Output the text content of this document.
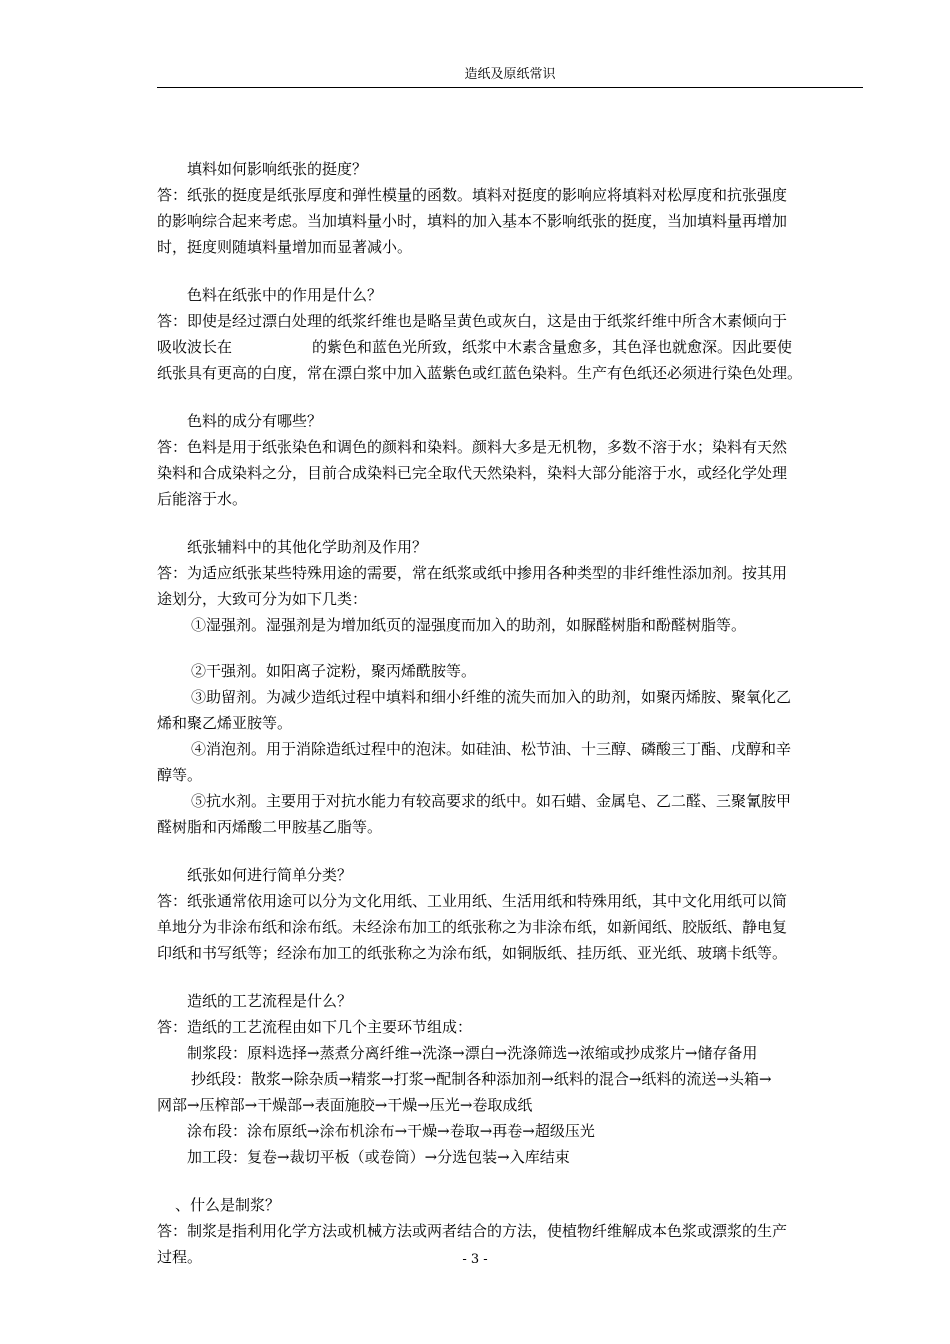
造纸及原纸常识
填料如何影响纸张的挺度？
答：纸张的挺度是纸张厚度和弹性模量的函数。填料对挺度的影响应将填料对松厚度和抗张强度
的影响综合起来考虑。当加填料量小时，填料的加入基本不影响纸张的挺度，当加填料量再增加
时，挺度则随填料量增加而显著减小。
色料在纸张中的作用是什么？
答：即使是经过漂白处理的纸浆纤维也是略呈黄色或灰白，这是由于纸浆纤维中所含木素倾向于
吸收波长在	的紫色和蓝色光所致，纸浆中木素含量愈多，其色泽也就愈深。因此要使
纸张具有更高的白度，常在漂白浆中加入蓝紫色或红蓝色染料。生产有色纸还必须进行染色处理。
色料的成分有哪些？
答：色料是用于纸张染色和调色的颜料和染料。颜料大多是无机物，多数不溶于水；染料有天然
染料和合成染料之分，目前合成染料已完全取代天然染料，染料大部分能溶于水，或经化学处理
后能溶于水。
纸张辅料中的其他化学助剂及作用？
答：为适应纸张某些特殊用途的需要，常在纸浆或纸中掺用各种类型的非纤维性添加剂。按其用
途划分，大致可分为如下几类：
①湿强剂。湿强剂是为增加纸页的湿强度而加入的助剂，如脲醛树脂和酚醛树脂等。
②干强剂。如阳离子淀粉，聚丙烯酰胺等。
③助留剂。为减少造纸过程中填料和细小纤维的流失而加入的助剂，如聚丙烯胺、聚氧化乙
烯和聚乙烯亚胺等。
④消泡剂。用于消除造纸过程中的泡沫。如硅油、松节油、十三醇、磷酸三丁酯、戊醇和辛
醇等。
⑤抗水剂。主要用于对抗水能力有较高要求的纸中。如石蜡、金属皂、乙二醛、三聚氰胺甲
醛树脂和丙烯酸二甲胺基乙脂等。
纸张如何进行简单分类？
答：纸张通常依用途可以分为文化用纸、工业用纸、生活用纸和特殊用纸，其中文化用纸可以简
单地分为非涂布纸和涂布纸。未经涂布加工的纸张称之为非涂布纸，如新闻纸、胶版纸、静电复
印纸和书写纸等；经涂布加工的纸张称之为涂布纸，如铜版纸、挂历纸、亚光纸、玻璃卡纸等。
造纸的工艺流程是什么？
答：造纸的工艺流程由如下几个主要环节组成：
制浆段：原料选择→蒸煮分离纤维→洗涤→漂白→洗涤筛选→浓缩或抄成浆片→储存备用
抄纸段：散浆→除杂质→精浆→打浆→配制各种添加剂→纸料的混合→纸料的流送→头箱→
网部→压榨部→干燥部→表面施胶→干燥→压光→卷取成纸
涂布段：涂布原纸→涂布机涂布→干燥→卷取→再卷→超级压光
加工段：复卷→裁切平板（或卷筒）→分选包装→入库结束
、什么是制浆？
答：制浆是指利用化学方法或机械方法或两者结合的方法，使植物纤维解成本色浆或漂浆的生产
过程。	- 3 -
